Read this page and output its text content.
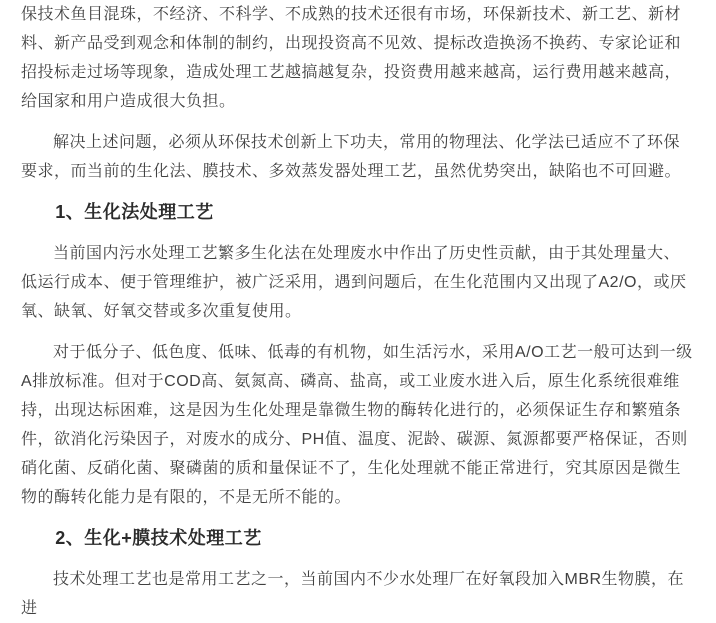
保技术鱼目混珠，不经济、不科学、不成熟的技术还很有市场，环保新技术、新工艺、新材料、新产品受到观念和体制的制约，出现投资高不见效、提标改造换汤不换药、专家论证和招投标走过场等现象，造成处理工艺越搞越复杂，投资费用越来越高，运行费用越来越高，给国家和用户造成很大负担。

解决上述问题，必须从环保技术创新上下功夫，常用的物理法、化学法已适应不了环保要求，而当前的生化法、膜技术、多效蒸发器处理工艺，虽然优势突出，缺陷也不可回避。

1、生化法处理工艺

当前国内污水处理工艺繁多生化法在处理废水中作出了历史性贡献，由于其处理量大、低运行成本、便于管理维护，被广泛采用，遇到问题后，在生化范围内又出现了A2/O，或厌氧、缺氧、好氧交替或多次重复使用。

对于低分子、低色度、低味、低毒的有机物，如生活污水，采用A/O工艺一般可达到一级A排放标准。但对于COD高、氨氮高、磷高、盐高，或工业废水进入后，原生化系统很难维持，出现达标困难，这是因为生化处理是靠微生物的酶转化进行的，必须保证生存和繁殖条件，欲消化污染因子，对废水的成分、PH值、温度、泥龄、碳源、氮源都要严格保证，否则硝化菌、反硝化菌、聚磷菌的质和量保证不了，生化处理就不能正常进行，究其原因是微生物的酶转化能力是有限的，不是无所不能的。

2、生化+膜技术处理工艺

技术处理工艺也是常用工艺之一，当前国内不少水处理厂在好氧段加入MBR生物膜，在进
